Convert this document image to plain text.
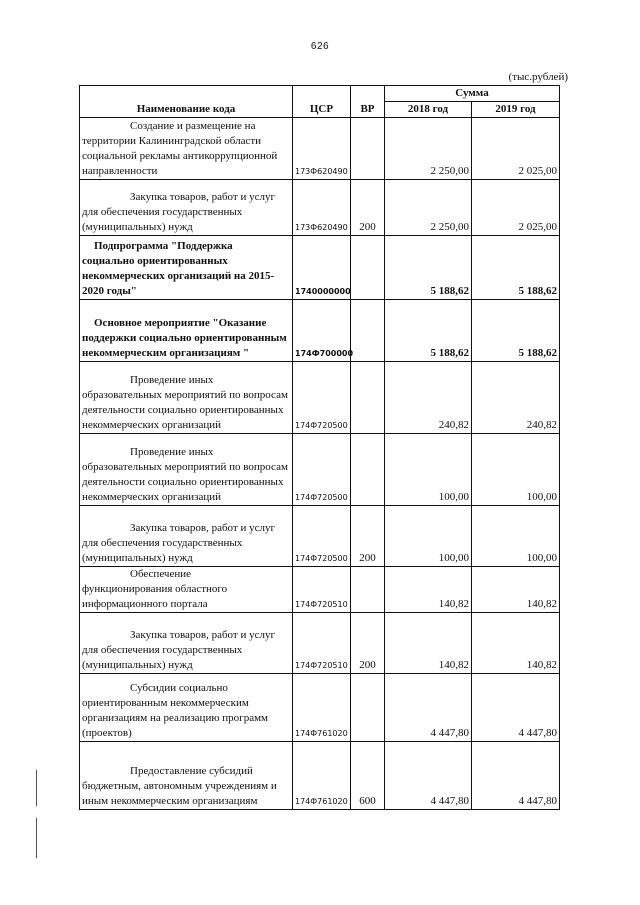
626
(тыс.рублей)
Наименование кода	ЦСР	ВР	Сумма	
			2018 год	2019 год

Создание и размещение на
территории Калининградской области социальной рекламы антикоррупционной направленности	173Ф620490		2 250,00	2 025,00

Закупка товаров, работ и услуг
для обеспечения государственных (муниципальных) нужд	173Ф620490	200	2 250,00	2 025,00

Подпрограмма "Поддержка
социально ориентированных некоммерческих организаций на 2015-2020 годы"	1740000000		5 188,62	5 188,62

Основное мероприятие "Оказание
поддержки социально ориентированным некоммерческим организациям "	174Ф700000		5 188,62	5 188,62

Проведение иных
образовательных мероприятий по вопросам деятельности социально ориентированных некоммерческих организаций	174Ф720500		240,82	240,82

Проведение иных
образовательных мероприятий по вопросам деятельности социально ориентированных некоммерческих организаций	174Ф720500		100,00	100,00

Закупка товаров, работ и услуг
для обеспечения государственных (муниципальных) нужд	174Ф720500	200	100,00	100,00

Обеспечение
функционирования областного информационного портала	174Ф720510		140,82	140,82

Закупка товаров, работ и услуг
для обеспечения государственных (муниципальных) нужд	174Ф720510	200	140,82	140,82

Субсидии социально
ориентированным некоммерческим организациям на реализацию программ (проектов)	174Ф761020		4 447,80	4 447,80

Предоставление субсидий
бюджетным, автономным учреждениям и иным некоммерческим организациям	174Ф761020	600	4 447,80	4 447,80
